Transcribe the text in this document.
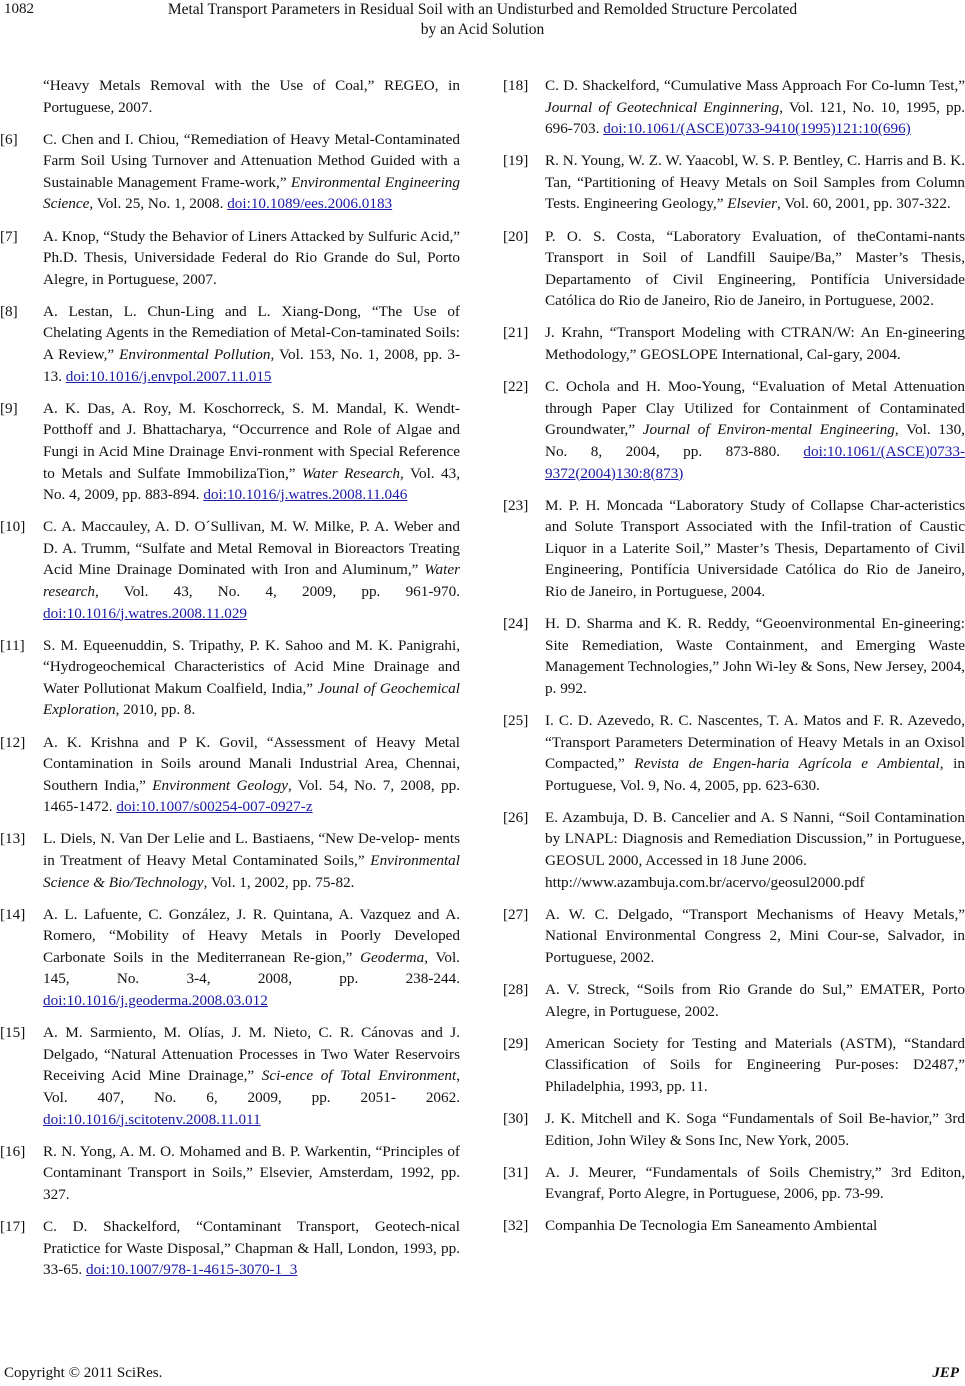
1082	Metal Transport Parameters in Residual Soil with an Undisturbed and Remolded Structure Percolated
by an Acid Solution
“Heavy Metals Removal with the Use of Coal,” REGEO, in Portuguese, 2007.
[6] C. Chen and I. Chiou, “Remediation of Heavy Metal-Contaminated Farm Soil Using Turnover and Attenuation Method Guided with a Sustainable Management Frame-work,” Environmental Engineering Science, Vol. 25, No. 1, 2008. doi:10.1089/ees.2006.0183
[7] A. Knop, “Study the Behavior of Liners Attacked by Sulfuric Acid,” Ph.D. Thesis, Universidade Federal do Rio Grande do Sul, Porto Alegre, in Portuguese, 2007.
[8] A. Lestan, L. Chun-Ling and L. Xiang-Dong, “The Use of Chelating Agents in the Remediation of Metal-Con-taminated Soils: A Review,” Environmental Pollution, Vol. 153, No. 1, 2008, pp. 3-13. doi:10.1016/j.envpol.2007.11.015
[9] A. K. Das, A. Roy, M. Koschorreck, S. M. Mandal, K. Wendt-Potthoff and J. Bhattacharya, “Occurrence and Role of Algae and Fungi in Acid Mine Drainage Envi-ronment with Special Reference to Metals and Sulfate ImmobilizaTion,” Water Research, Vol. 43, No. 4, 2009, pp. 883-894. doi:10.1016/j.watres.2008.11.046
[10] C. A. Maccauley, A. D. O´Sullivan, M. W. Milke, P. A. Weber and D. A. Trumm, “Sulfate and Metal Removal in Bioreactors Treating Acid Mine Drainage Dominated with Iron and Aluminum,” Water research, Vol. 43, No. 4, 2009, pp. 961-970. doi:10.1016/j.watres.2008.11.029
[11] S. M. Equeenuddin, S. Tripathy, P. K. Sahoo and M. K. Panigrahi, “Hydrogeochemical Characteristics of Acid Mine Drainage and Water Pollutionat Makum Coalfield, India,” Jounal of Geochemical Exploration, 2010, pp. 8.
[12] A. K. Krishna and P K. Govil, “Assessment of Heavy Metal Contamination in Soils around Manali Industrial Area, Chennai, Southern India,” Environment Geology, Vol. 54, No. 7, 2008, pp. 1465-1472. doi:10.1007/s00254-007-0927-z
[13] L. Diels, N. Van Der Lelie and L. Bastiaens, “New De-velop- ments in Treatment of Heavy Metal Contaminated Soils,” Environmental Science & Bio/Technology, Vol. 1, 2002, pp. 75-82.
[14] A. L. Lafuente, C. González, J. R. Quintana, A. Vazquez and A. Romero, “Mobility of Heavy Metals in Poorly Developed Carbonate Soils in the Mediterranean Re-gion,” Geoderma, Vol. 145, No. 3-4, 2008, pp. 238-244. doi:10.1016/j.geoderma.2008.03.012
[15] A. M. Sarmiento, M. Olías, J. M. Nieto, C. R. Cánovas and J. Delgado, “Natural Attenuation Processes in Two Water Reservoirs Receiving Acid Mine Drainage,” Sci-ence of Total Environment, Vol. 407, No. 6, 2009, pp. 2051- 2062. doi:10.1016/j.scitotenv.2008.11.011
[16] R. N. Yong, A. M. O. Mohamed and B. P. Warkentin, “Principles of Contaminant Transport in Soils,” Elsevier, Amsterdam, 1992, pp. 327.
[17] C. D. Shackelford, “Contaminant Transport, Geotech-nical Pratictice for Waste Disposal,” Chapman & Hall, London, 1993, pp. 33-65. doi:10.1007/978-1-4615-3070-1_3
[18] C. D. Shackelford, “Cumulative Mass Approach For Co-lumn Test,” Journal of Geotechnical Enginnering, Vol. 121, No. 10, 1995, pp. 696-703. doi:10.1061/(ASCE)0733-9410(1995)121:10(696)
[19] R. N. Young, W. Z. W. Yaacobl, W. S. P. Bentley, C. Harris and B. K. Tan, “Partitioning of Heavy Metals on Soil Samples from Column Tests. Engineering Geology,” Elsevier, Vol. 60, 2001, pp. 307-322.
[20] P. O. S. Costa, “Laboratory Evaluation, of theContami-nants Transport in Soil of Landfill Sauipe/Ba,” Master’s Thesis, Departamento of Civil Engineering, Pontifícia Universidade Católica do Rio de Janeiro, Rio de Janeiro, in Portuguese, 2002.
[21] J. Krahn, “Transport Modeling with CTRAN/W: An En-gineering Methodology,” GEOSLOPE International, Cal-gary, 2004.
[22] C. Ochola and H. Moo-Young, “Evaluation of Metal Attenuation through Paper Clay Utilized for Containment of Contaminated Groundwater,” Journal of Environ-mental Engineering, Vol. 130, No. 8, 2004, pp. 873-880. doi:10.1061/(ASCE)0733-9372(2004)130:8(873)
[23] M. P. H. Moncada “Laboratory Study of Collapse Char-acteristics and Solute Transport Associated with the Infil-tration of Caustic Liquor in a Laterite Soil,” Master’s Thesis, Departamento of Civil Engineering, Pontifícia Universidade Católica do Rio de Janeiro, Rio de Janeiro, in Portuguese, 2004.
[24] H. D. Sharma and K. R. Reddy, “Geoenvironmental En-gineering: Site Remediation, Waste Containment, and Emerging Waste Management Technologies,” John Wi-ley & Sons, New Jersey, 2004, p. 992.
[25] I. C. D. Azevedo, R. C. Nascentes, T. A. Matos and F. R. Azevedo, “Transport Parameters Determination of Heavy Metals in an Oxisol Compacted,” Revista de Engen-haria Agrícola e Ambiental, in Portuguese, Vol. 9, No. 4, 2005, pp. 623-630.
[26] E. Azambuja, D. B. Cancelier and A. S Nanni, “Soil Contamination by LNAPL: Diagnosis and Remediation Discussion,” in Portuguese, GEOSUL 2000, Accessed in 18 June 2006.
http://www.azambuja.com.br/acervo/geosul2000.pdf
[27] A. W. C. Delgado, “Transport Mechanisms of Heavy Metals,” National Environmental Congress 2, Mini Cour-se, Salvador, in Portuguese, 2002.
[28] A. V. Streck, “Soils from Rio Grande do Sul,” EMATER, Porto Alegre, in Portuguese, 2002.
[29] American Society for Testing and Materials (ASTM), “Standard Classification of Soils for Engineering Pur-poses: D2487,” Philadelphia, 1993, pp. 11.
[30] J. K. Mitchell and K. Soga “Fundamentals of Soil Be-havior,” 3rd Edition, John Wiley & Sons Inc, New York, 2005.
[31] A. J. Meurer, “Fundamentals of Soils Chemistry,” 3rd Editon, Evangraf, Porto Alegre, in Portuguese, 2006, pp. 73-99.
[32] Companhia De Tecnologia Em Saneamento Ambiental
Copyright © 2011 SciRes.	JEP
